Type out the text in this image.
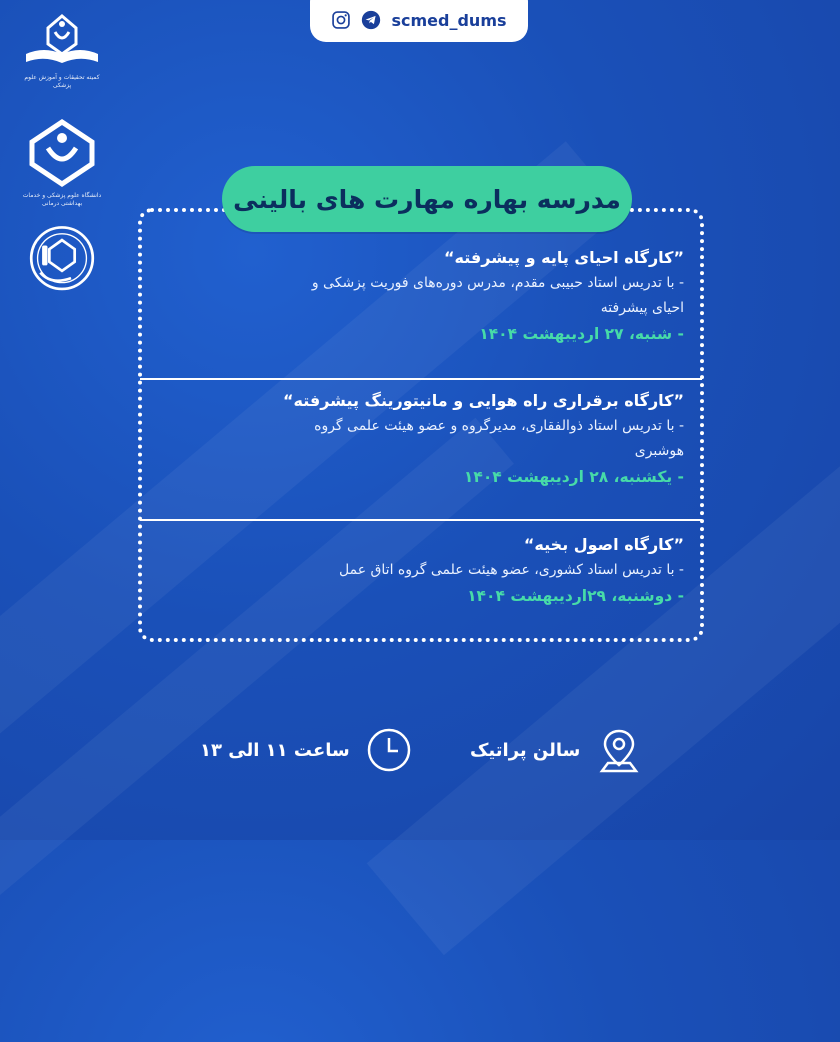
scmed_dums
کمیته تحقیقات و آموزش علوم پزشکی
دانشگاه علوم پزشکی و خدمات بهداشتی درمانی
”کارگاه احیای پایه و پیشرفته“
- با تدریس استاد حبیبی مقدم، مدرس دوره‌های فوریت پزشکی و
احیای پیشرفته
- شنبه، ۲۷ اردیبهشت ۱۴۰۴
”کارگاه برقراری راه هوایی و مانیتورینگ پیشرفته“
- با تدریس استاد ذوالفقاری، مدیرگروه و عضو هیئت علمی گروه
هوشبری
- یکشنبه، ۲۸ اردیبهشت ۱۴۰۴
”کارگاه اصول بخیه“
- با تدریس استاد کشوری، عضو هیئت علمی گروه اتاق عمل
- دوشنبه، ۲۹اردیبهشت ۱۴۰۴
مدرسه بهاره مهارت های بالینی
سالن پراتیک
ساعت ۱۱ الی ۱۳
